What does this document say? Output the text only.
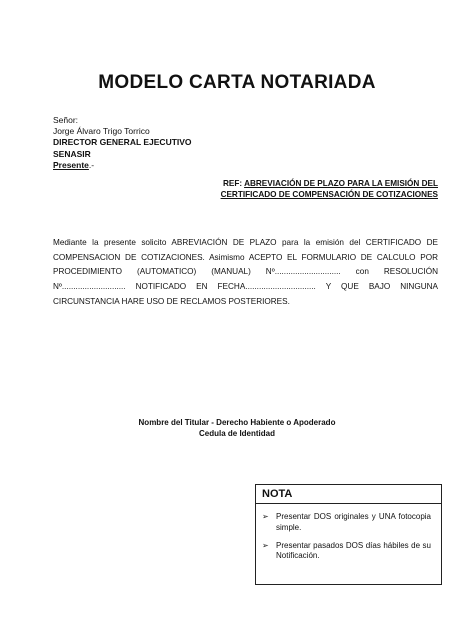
MODELO CARTA NOTARIADA
Señor:
Jorge Álvaro Trigo Torrico
DIRECTOR GENERAL EJECUTIVO
SENASIR
Presente.-
REF: ABREVIACIÓN DE PLAZO PARA LA EMISIÓN DEL
CERTIFICADO DE COMPENSACIÓN DE COTIZACIONES
Mediante la presente solicito ABREVIACIÓN DE PLAZO para la emisión del CERTIFICADO DE COMPENSACION DE COTIZACIONES. Asimismo ACEPTO EL FORMULARIO DE CALCULO POR PROCEDIMIENTO (AUTOMATICO) (MANUAL) Nº............................. con RESOLUCIÓN Nº............................ NOTIFICADO EN FECHA............................... Y QUE BAJO NINGUNA CIRCUNSTANCIA HARE USO DE RECLAMOS POSTERIORES.
Nombre del Titular - Derecho Habiente o Apoderado
Cedula de Identidad
NOTA
➢ Presentar DOS originales y UNA fotocopia simple.
➢ Presentar pasados DOS días hábiles de su Notificación.
